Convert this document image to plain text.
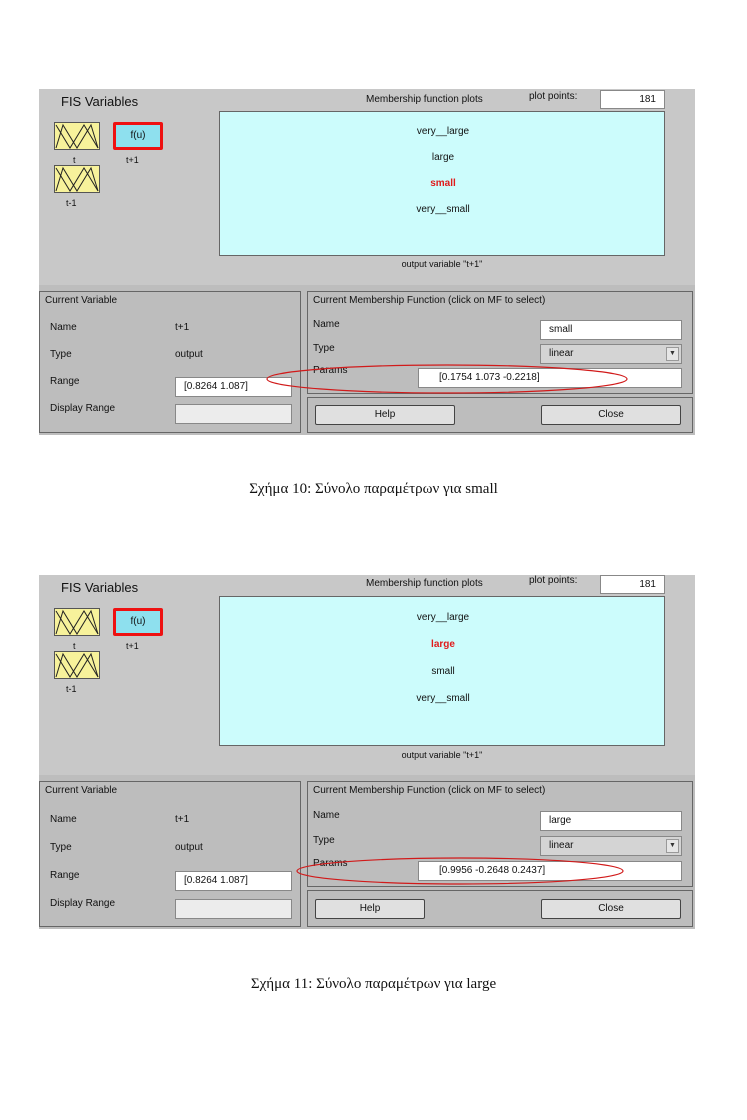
FIS Variables
t
f(u)
t+1
t-1
Membership function plots	plot points:	181
very__large
large
small
very__small
output variable "t+1"
Current Variable
Name	t+1
Type	output
Range	[0.8264 1.087]
Display Range
Current Membership Function (click on MF to select)
Name	small
Type	linear	▼
Params
[0.1754 1.073 -0.2218]
Help	Close
Σχήμα 10: Σύνολο παραμέτρων για small
FIS Variables
t
f(u)
t+1
t-1
Membership function plots	plot points:	181
very__large
large
small
very__small
output variable "t+1"
Current Variable
Name	t+1
Type	output
Range	[0.8264 1.087]
Display Range
Current Membership Function (click on MF to select)
Name	large
Type	linear	▼
Params
[0.9956 -0.2648 0.2437]
Help	Close
Σχήμα 11: Σύνολο παραμέτρων για large
